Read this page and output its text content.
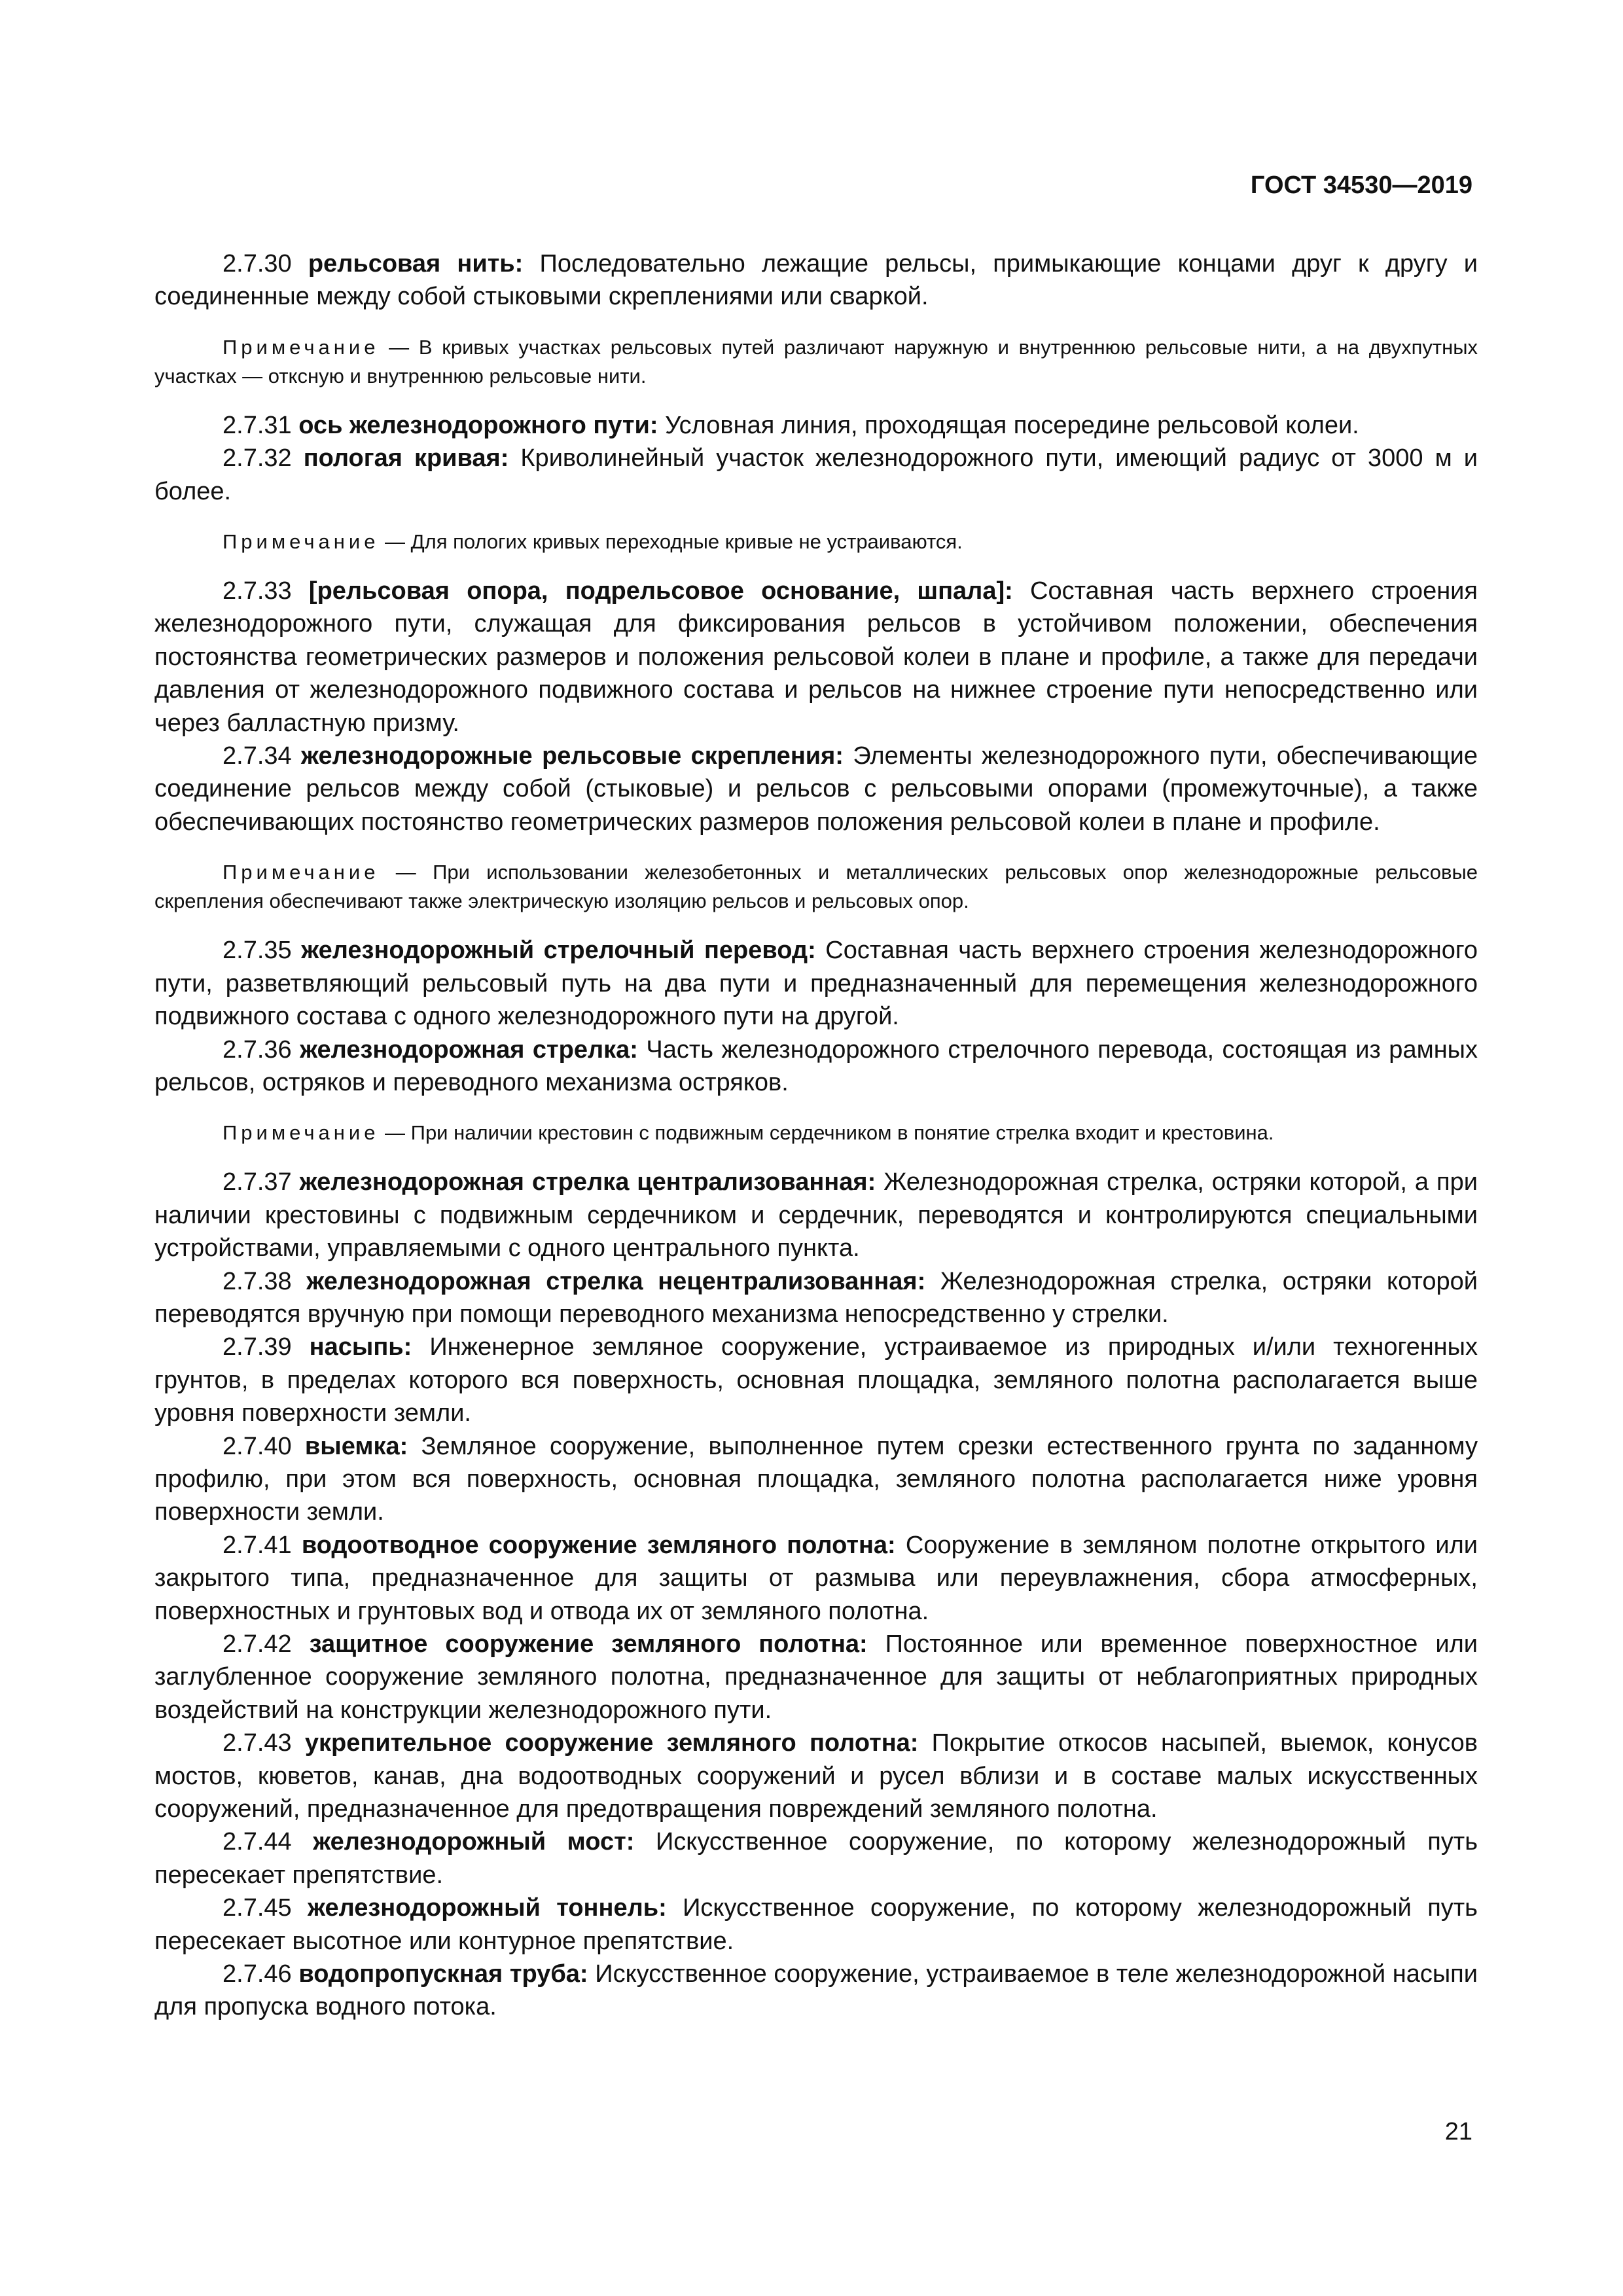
ГОСТ 34530—2019

2.7.30 рельсовая нить: Последовательно лежащие рельсы, примыкающие концами друг к другу и соединенные между собой стыковыми скреплениями или сваркой.

Примечание — В кривых участках рельсовых путей различают наружную и внутреннюю рельсовые нити, а на двухпутных участках — отксную и внутреннюю рельсовые нити.

2.7.31 ось железнодорожного пути: Условная линия, проходящая посередине рельсовой колеи.

2.7.32 пологая кривая: Криволинейный участок железнодорожного пути, имеющий радиус от 3000 м и более.

Примечание — Для пологих кривых переходные кривые не устраиваются.

2.7.33 [рельсовая опора, подрельсовое основание, шпала]: Составная часть верхнего строения железнодорожного пути, служащая для фиксирования рельсов в устойчивом положении, обеспечения постоянства геометрических размеров и положения рельсовой колеи в плане и профиле, а также для передачи давления от железнодорожного подвижного состава и рельсов на нижнее строение пути непосредственно или через балластную призму.

2.7.34 железнодорожные рельсовые скрепления: Элементы железнодорожного пути, обеспечивающие соединение рельсов между собой (стыковые) и рельсов с рельсовыми опорами (промежуточные), а также обеспечивающих постоянство геометрических размеров положения рельсовой колеи в плане и профиле.

Примечание — При использовании железобетонных и металлических рельсовых опор железнодорожные рельсовые скрепления обеспечивают также электрическую изоляцию рельсов и рельсовых опор.

2.7.35 железнодорожный стрелочный перевод: Составная часть верхнего строения железнодорожного пути, разветвляющий рельсовый путь на два пути и предназначенный для перемещения железнодорожного подвижного состава с одного железнодорожного пути на другой.

2.7.36 железнодорожная стрелка: Часть железнодорожного стрелочного перевода, состоящая из рамных рельсов, остряков и переводного механизма остряков.

Примечание — При наличии крестовин с подвижным сердечником в понятие стрелка входит и крестовина.

2.7.37 железнодорожная стрелка централизованная: Железнодорожная стрелка, остряки которой, а при наличии крестовины с подвижным сердечником и сердечник, переводятся и контролируются специальными устройствами, управляемыми с одного центрального пункта.

2.7.38 железнодорожная стрелка нецентрализованная: Железнодорожная стрелка, остряки которой переводятся вручную при помощи переводного механизма непосредственно у стрелки.

2.7.39 насыпь: Инженерное земляное сооружение, устраиваемое из природных и/или техногенных грунтов, в пределах которого вся поверхность, основная площадка, земляного полотна располагается выше уровня поверхности земли.

2.7.40 выемка: Земляное сооружение, выполненное путем срезки естественного грунта по заданному профилю, при этом вся поверхность, основная площадка, земляного полотна располагается ниже уровня поверхности земли.

2.7.41 водоотводное сооружение земляного полотна: Сооружение в земляном полотне открытого или закрытого типа, предназначенное для защиты от размыва или переувлажнения, сбора атмосферных, поверхностных и грунтовых вод и отвода их от земляного полотна.

2.7.42 защитное сооружение земляного полотна: Постоянное или временное поверхностное или заглубленное сооружение земляного полотна, предназначенное для защиты от неблагоприятных природных воздействий на конструкции железнодорожного пути.

2.7.43 укрепительное сооружение земляного полотна: Покрытие откосов насыпей, выемок, конусов мостов, кюветов, канав, дна водоотводных сооружений и русел вблизи и в составе малых искусственных сооружений, предназначенное для предотвращения повреждений земляного полотна.

2.7.44 железнодорожный мост: Искусственное сооружение, по которому железнодорожный путь пересекает препятствие.

2.7.45 железнодорожный тоннель: Искусственное сооружение, по которому железнодорожный путь пересекает высотное или контурное препятствие.

2.7.46 водопропускная труба: Искусственное сооружение, устраиваемое в теле железнодорожной насыпи для пропуска водного потока.

21
